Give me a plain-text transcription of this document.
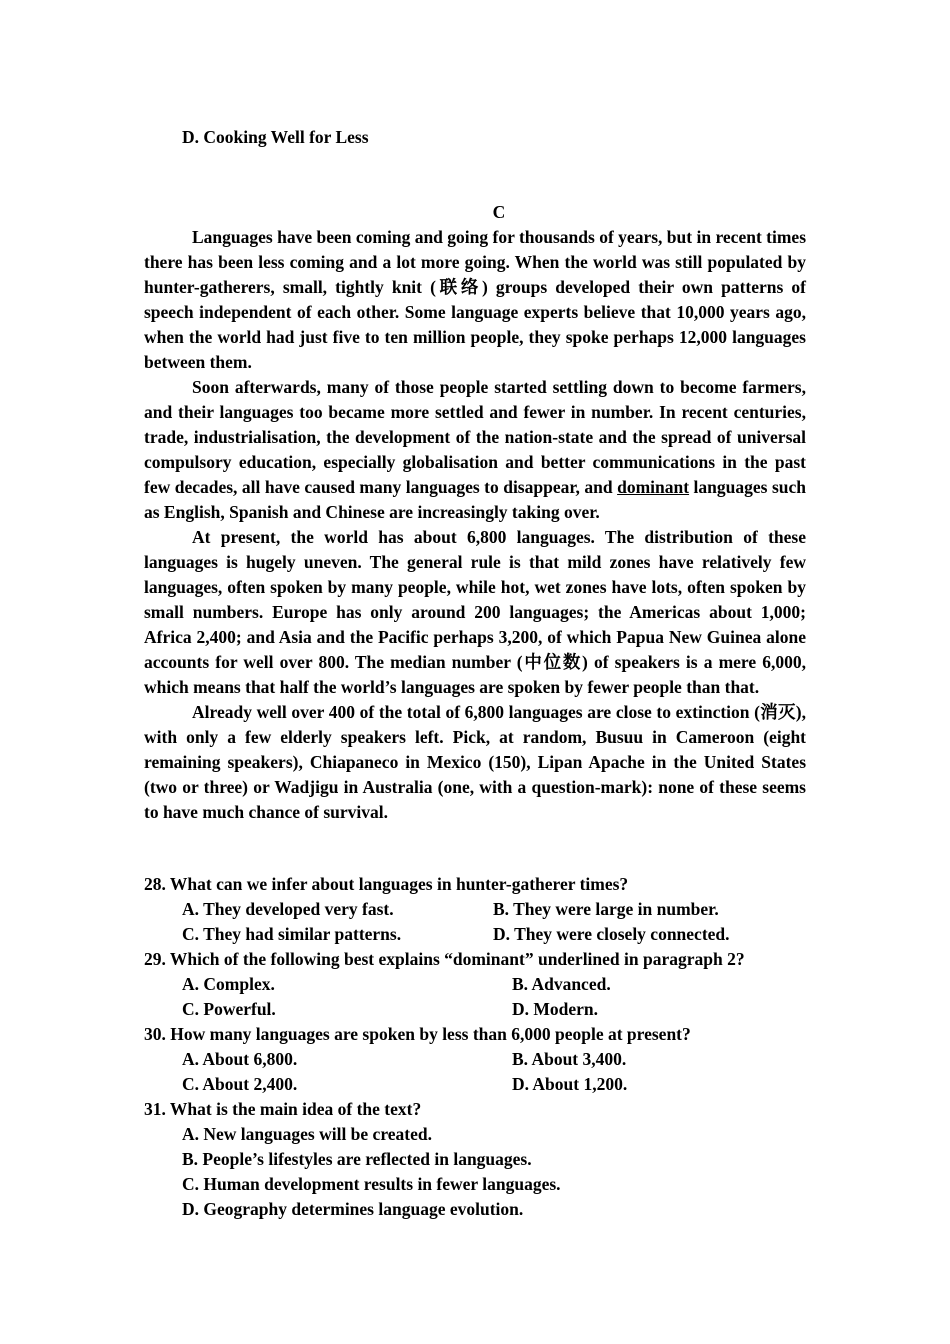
D. Cooking Well for Less
C

Languages have been coming and going for thousands of years, but in recent times there has been less coming and a lot more going. When the world was still populated by hunter-gatherers, small, tightly knit (联络) groups developed their own patterns of speech independent of each other. Some language experts believe that 10,000 years ago, when the world had just five to ten million people, they spoke perhaps 12,000 languages between them.

Soon afterwards, many of those people started settling down to become farmers, and their languages too became more settled and fewer in number. In recent centuries, trade, industrialisation, the development of the nation-state and the spread of universal compulsory education, especially globalisation and better communications in the past few decades, all have caused many languages to disappear, and dominant languages such as English, Spanish and Chinese are increasingly taking over.

At present, the world has about 6,800 languages. The distribution of these languages is hugely uneven. The general rule is that mild zones have relatively few languages, often spoken by many people, while hot, wet zones have lots, often spoken by small numbers. Europe has only around 200 languages; the Americas about 1,000; Africa 2,400; and Asia and the Pacific perhaps 3,200, of which Papua New Guinea alone accounts for well over 800. The median number (中位数) of speakers is a mere 6,000, which means that half the world’s languages are spoken by fewer people than that.

Already well over 400 of the total of 6,800 languages are close to extinction (消灭), with only a few elderly speakers left. Pick, at random, Busuu in Cameroon (eight remaining speakers), Chiapaneco in Mexico (150), Lipan Apache in the United States (two or three) or Wadjigu in Australia (one, with a question-mark): none of these seems to have much chance of survival.

28. What can we infer about languages in hunter-gatherer times?
A. They developed very fast.	B. They were large in number.
C. They had similar patterns.	D. They were closely connected.
29. Which of the following best explains “dominant” underlined in paragraph 2?
A. Complex.	B. Advanced.
C. Powerful.	D. Modern.
30. How many languages are spoken by less than 6,000 people at present?
A. About 6,800.	B. About 3,400.
C. About 2,400.	D. About 1,200.
31. What is the main idea of the text?
A. New languages will be created.
B. People’s lifestyles are reflected in languages.
C. Human development results in fewer languages.
D. Geography determines language evolution.
